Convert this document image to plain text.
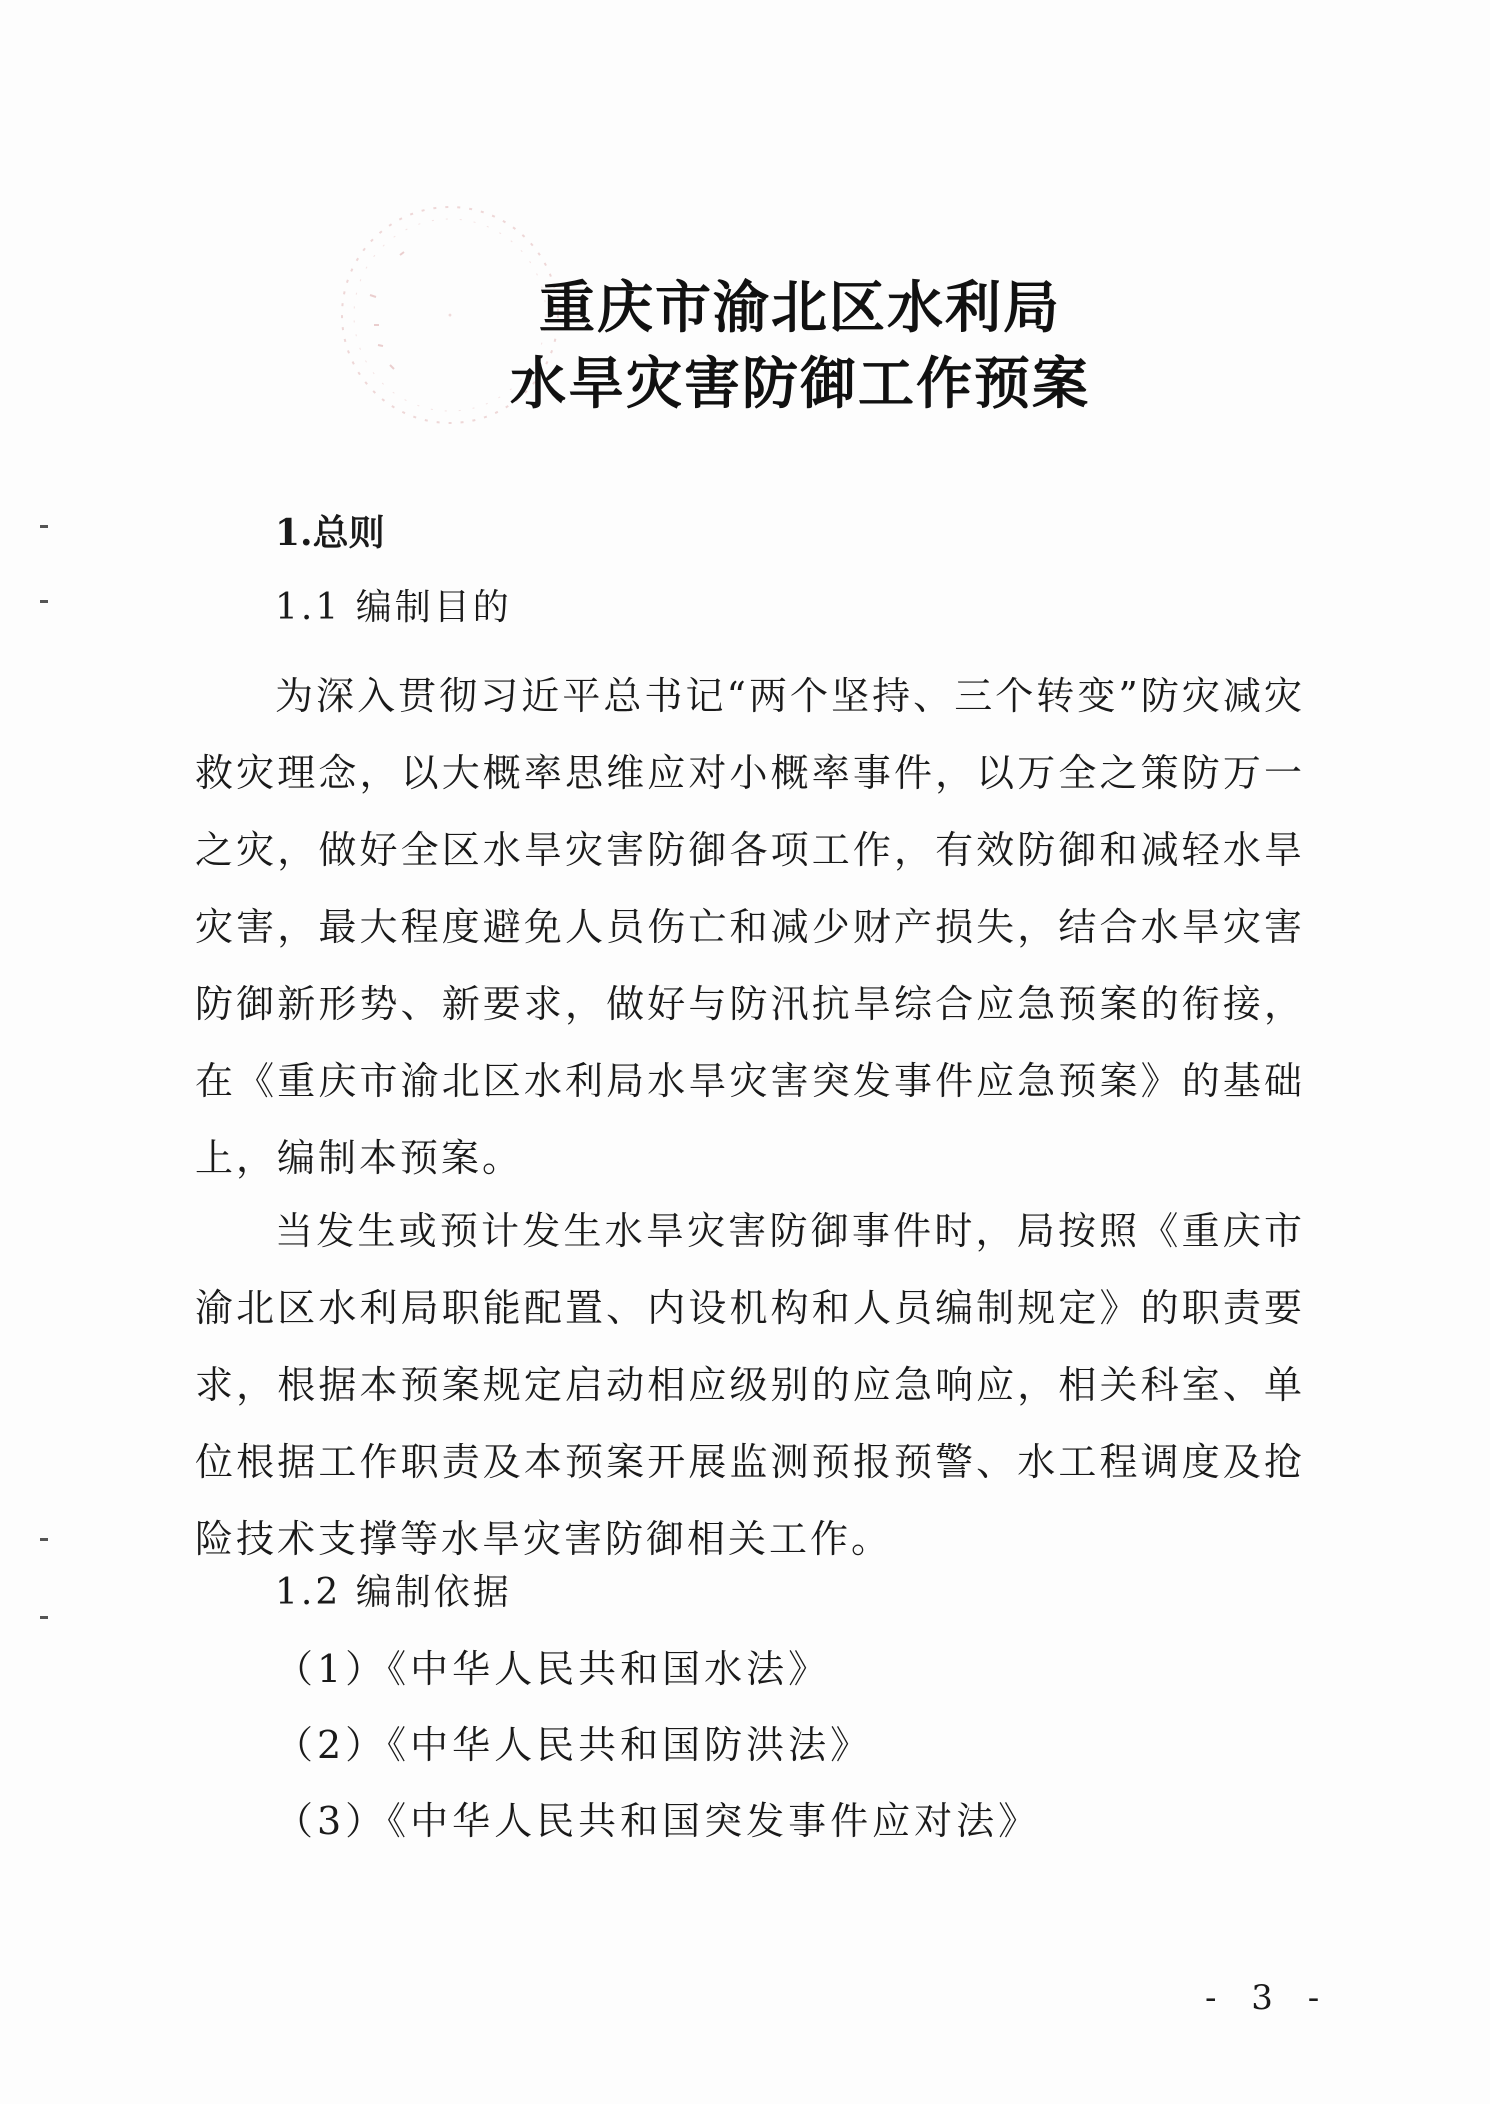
·	重庆市渝北区水利局
水旱灾害防御工作预案
1.总则
1.1 编制目的
为深入贯彻习近平总书记“两个坚持、三个转变”防灾减灾救灾理念，以大概率思维应对小概率事件，以万全之策防万一之灾，做好全区水旱灾害防御各项工作，有效防御和减轻水旱灾害，最大程度避免人员伤亡和减少财产损失，结合水旱灾害防御新形势、新要求，做好与防汛抗旱综合应急预案的衔接，在《重庆市渝北区水利局水旱灾害突发事件应急预案》的基础上，编制本预案。
当发生或预计发生水旱灾害防御事件时，局按照《重庆市渝北区水利局职能配置、内设机构和人员编制规定》的职责要求，根据本预案规定启动相应级别的应急响应，相关科室、单位根据工作职责及本预案开展监测预报预警、水工程调度及抢险技术支撑等水旱灾害防御相关工作。
1.2 编制依据
（1）《中华人民共和国水法》
（2）《中华人民共和国防洪法》
（3）《中华人民共和国突发事件应对法》
- 3 -
